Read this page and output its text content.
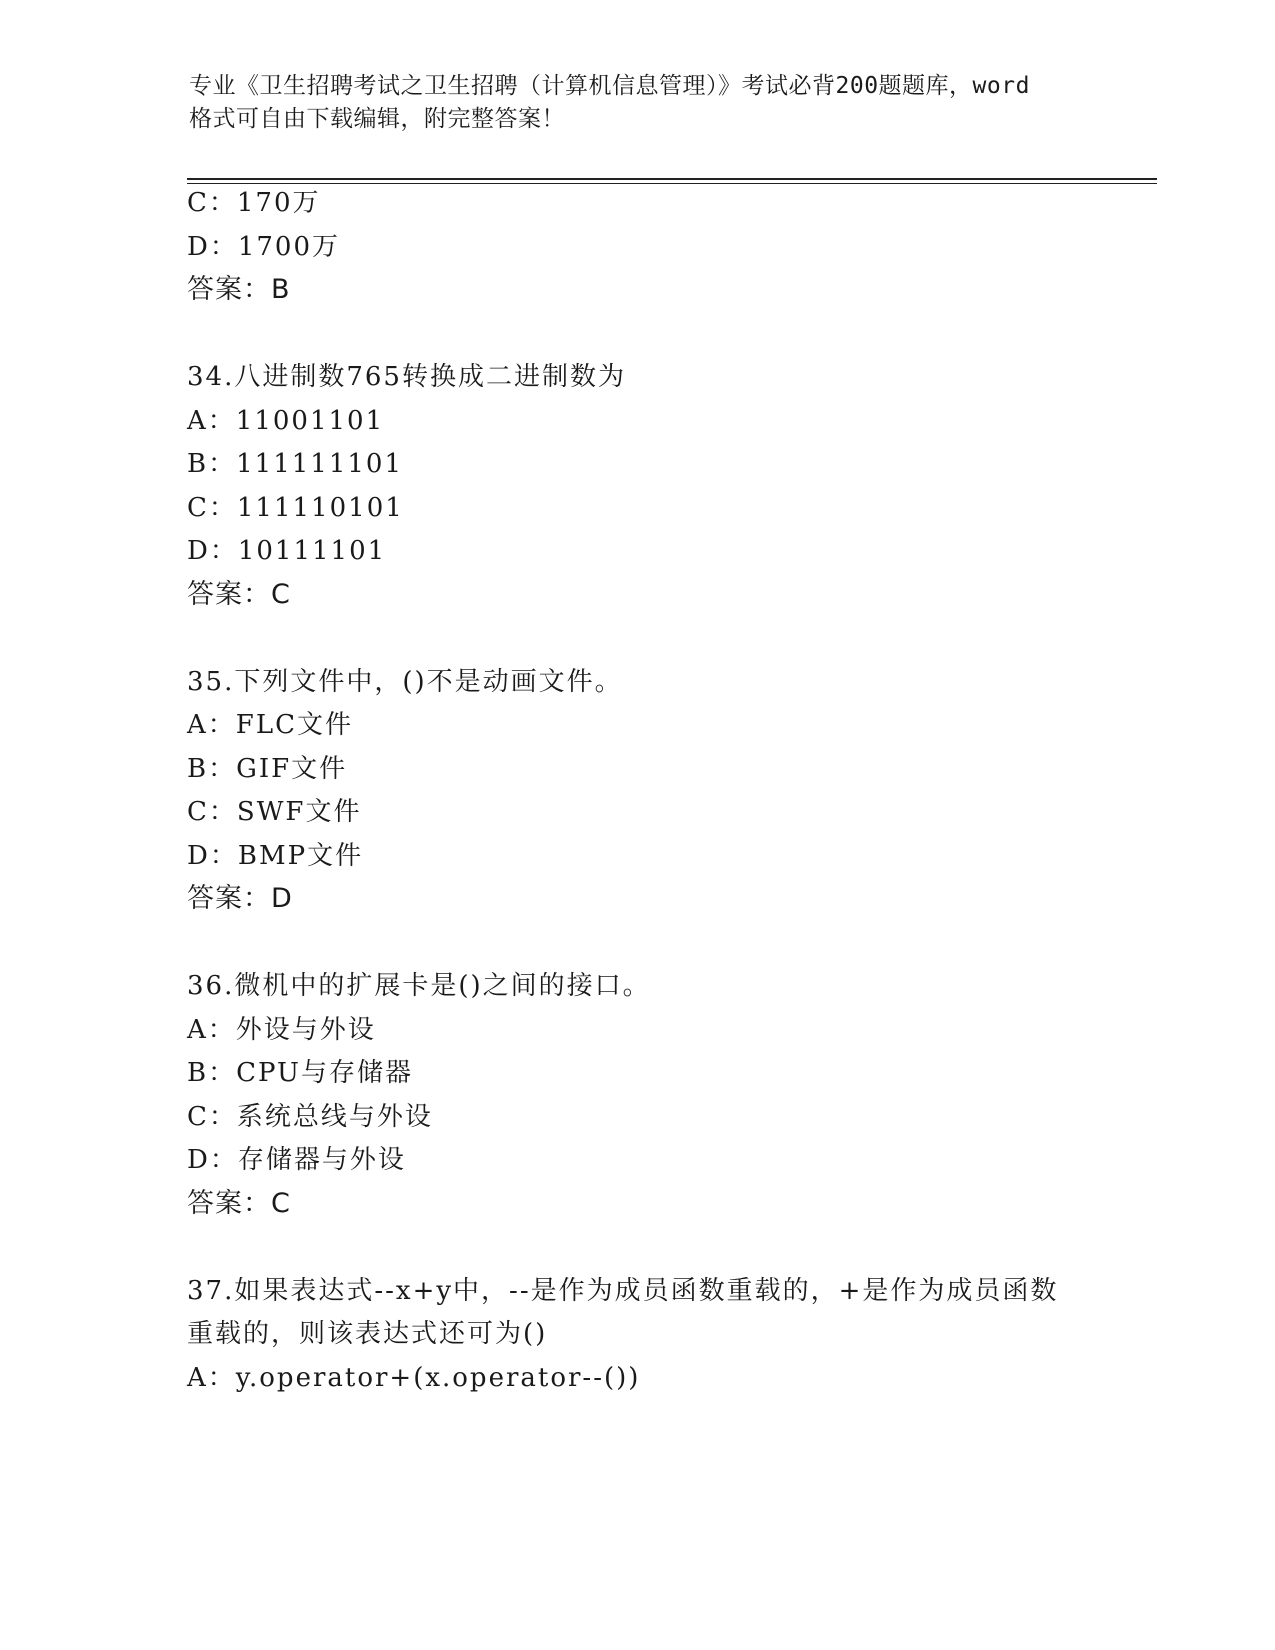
专业《卫生招聘考试之卫生招聘（计算机信息管理）》考试必背200题题库，word
格式可自由下载编辑，附完整答案！
C：170万
D：1700万
答案：B
34.八进制数765转换成二进制数为
A：11001101
B：111111101
C：111110101
D：10111101
答案：C
35.下列文件中，()不是动画文件。
A：FLC文件
B：GIF文件
C：SWF文件
D：BMP文件
答案：D
36.微机中的扩展卡是()之间的接口。
A：外设与外设
B：CPU与存储器
C：系统总线与外设
D：存储器与外设
答案：C
37.如果表达式--x+y中，--是作为成员函数重载的，+是作为成员函数
重载的，则该表达式还可为()
A：y.operator+(x.operator--())
